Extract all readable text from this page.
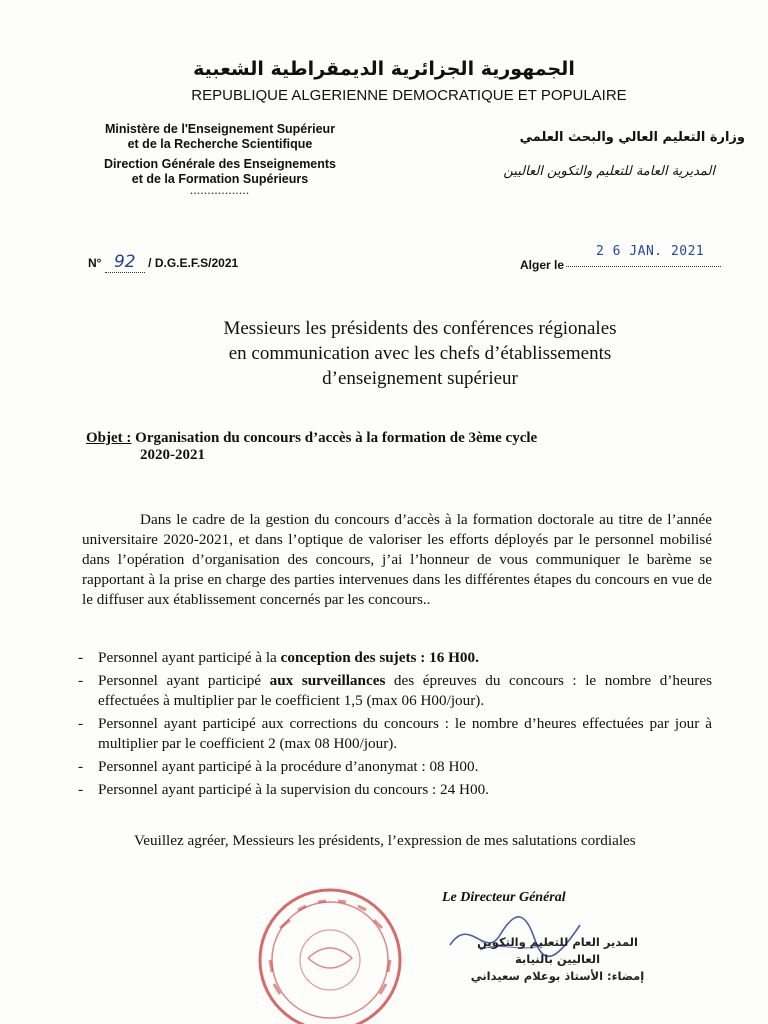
الجمهورية الجزائرية الديمقراطية الشعبية
REPUBLIQUE ALGERIENNE DEMOCRATIQUE ET POPULAIRE
Ministère de l'Enseignement Supérieur
et de la Recherche Scientifique
Direction Générale des Enseignements
et de la Formation Supérieurs
.................
وزارة التعليم العالي والبحث العلمي
المديرية العامة للتعليم والتكوين العاليين
N° 92 / D.G.E.F.S/2021
2 6 JAN. 2021
Alger le
Messieurs les présidents des conférences régionales
en communication avec les chefs d’établissements
d’enseignement supérieur
Objet : Organisation du concours d’accès à la formation de 3ème cycle
2020-2021
Dans le cadre de la gestion du concours d’accès à la formation doctorale au titre de l’année universitaire 2020-2021, et dans l’optique de valoriser les efforts déployés par le personnel mobilisé dans l’opération d’organisation des concours, j’ai l’honneur de vous communiquer le barème se rapportant à la prise en charge des parties intervenues dans les différentes étapes du concours en vue de le diffuser aux établissement concernés par les concours..
- Personnel ayant participé à la conception des sujets : 16 H00.
- Personnel ayant participé aux surveillances des épreuves du concours : le nombre d’heures effectuées à multiplier par le coefficient 1,5 (max 06 H00/jour).
- Personnel ayant participé aux corrections du concours : le nombre d’heures effectuées par jour à multiplier par le coefficient 2 (max 08 H00/jour).
- Personnel ayant participé à la procédure d’anonymat : 08 H00.
- Personnel ayant participé à la supervision du concours : 24 H00.
Veuillez agréer, Messieurs les présidents, l’expression de mes salutations cordiales
Le Directeur Général
المدير العام للتعليم والتكوين العاليين بالنيابة
إمضاء: الأستاذ بوعلام سعيداني
